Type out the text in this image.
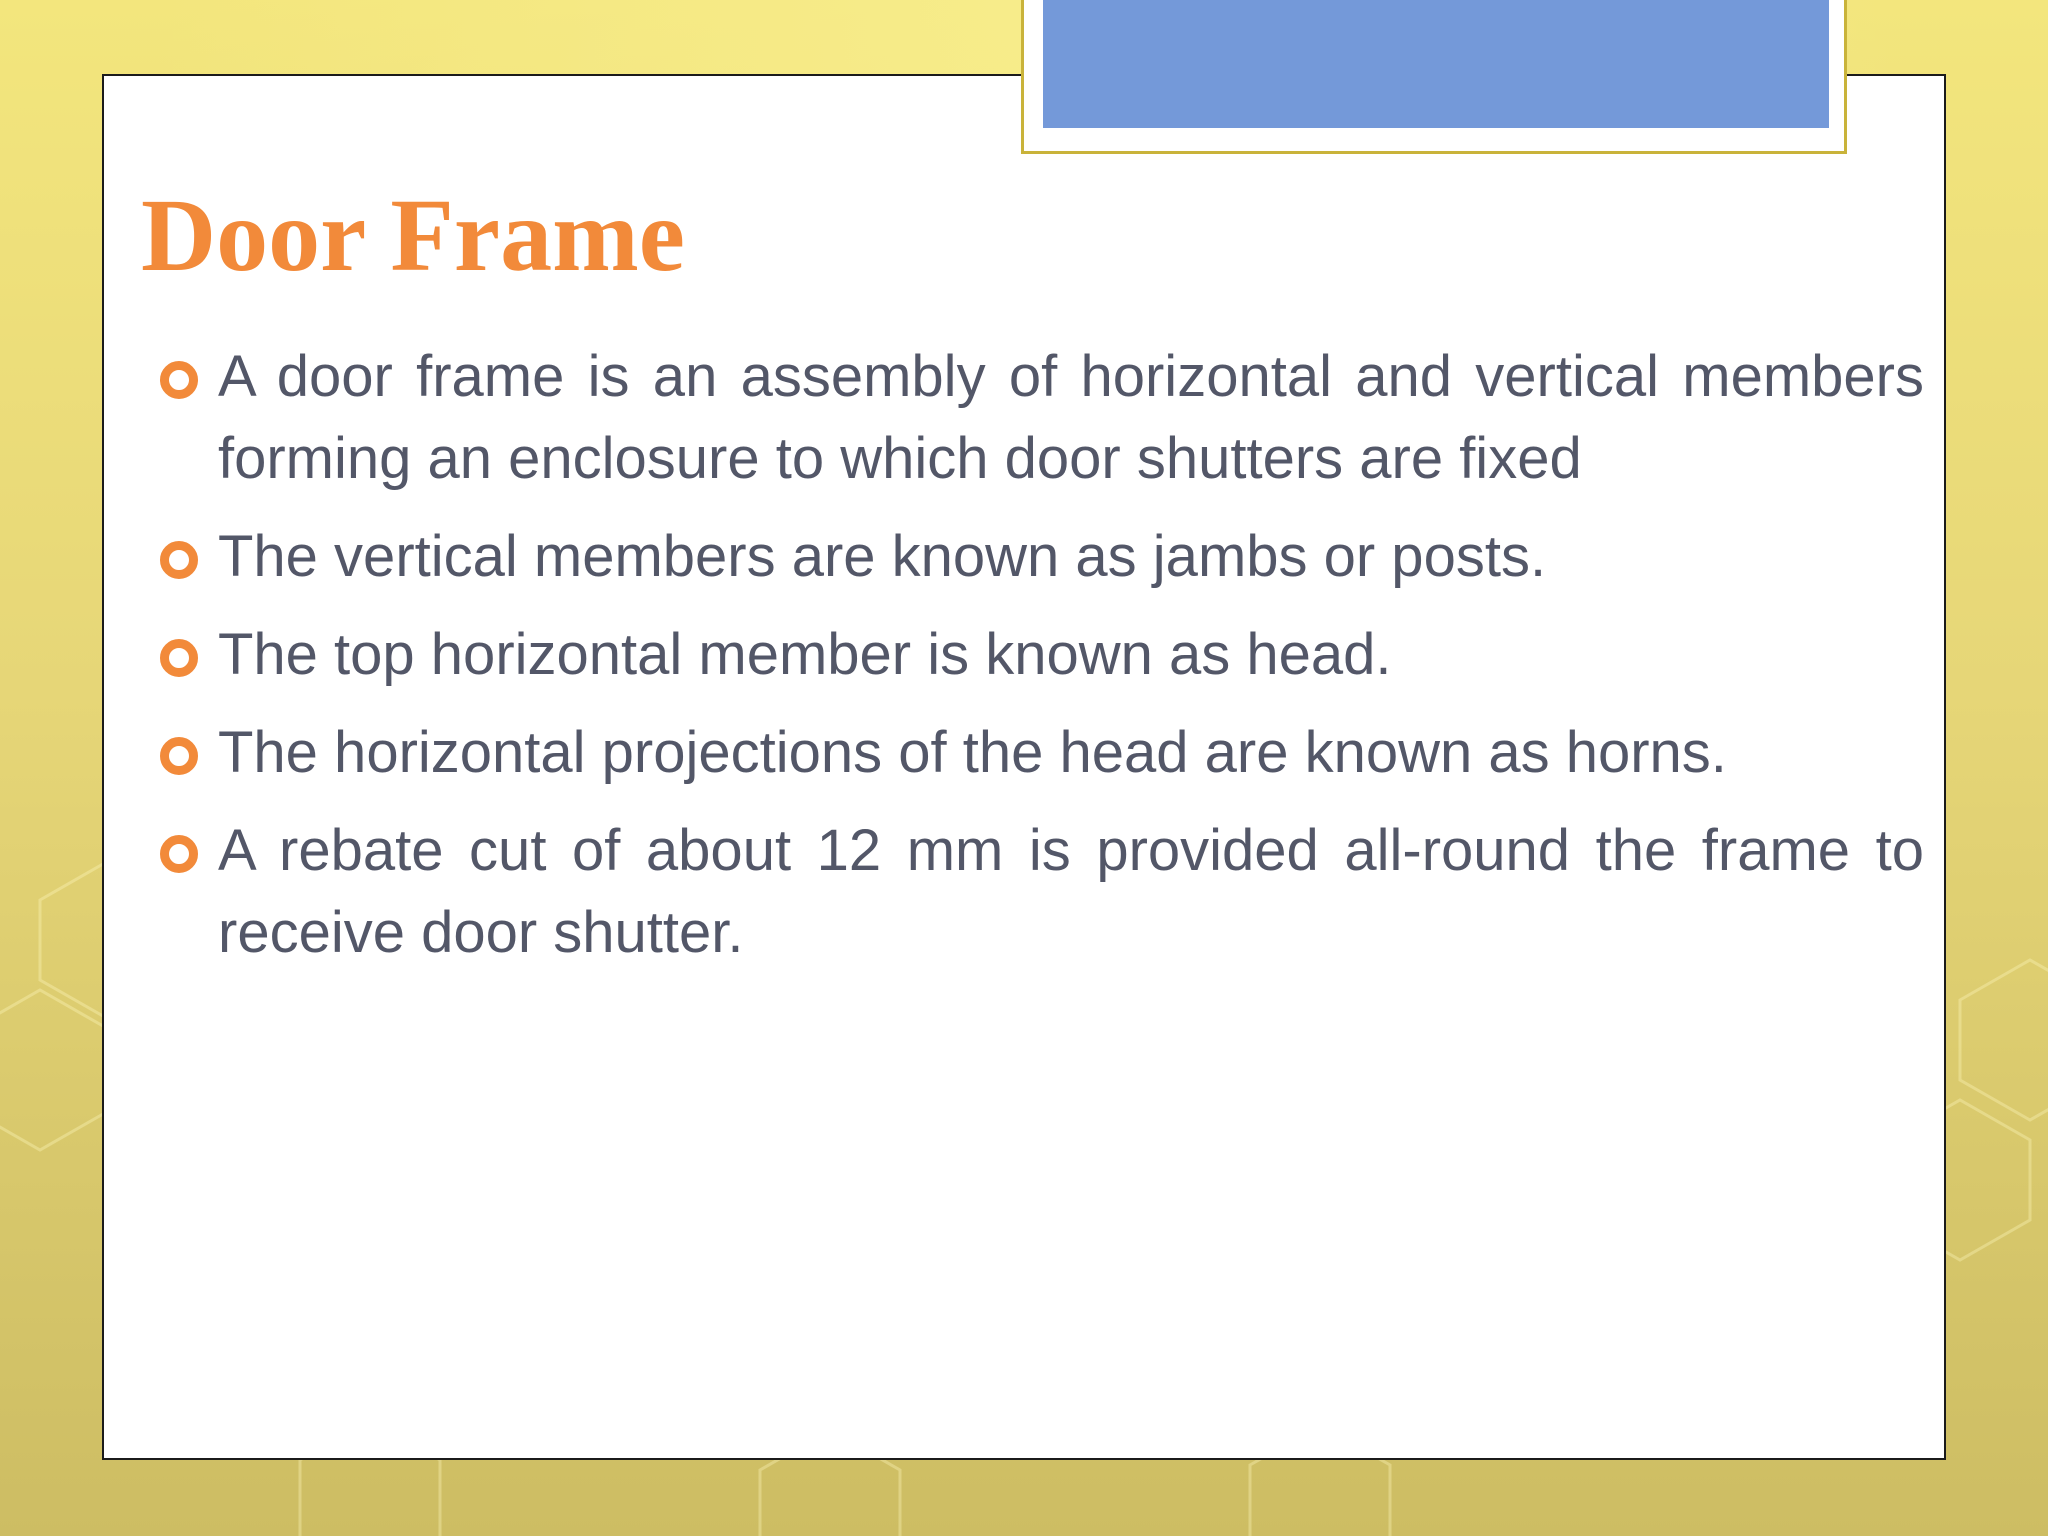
Door Frame
A door frame is an assembly of horizontal and vertical members forming an enclosure to which door shutters are fixed
The vertical members are known as jambs or posts.
The top horizontal member is known as head.
The horizontal projections of the head are known as horns.
A rebate cut of about 12 mm is provided all-round the frame to receive door shutter.
